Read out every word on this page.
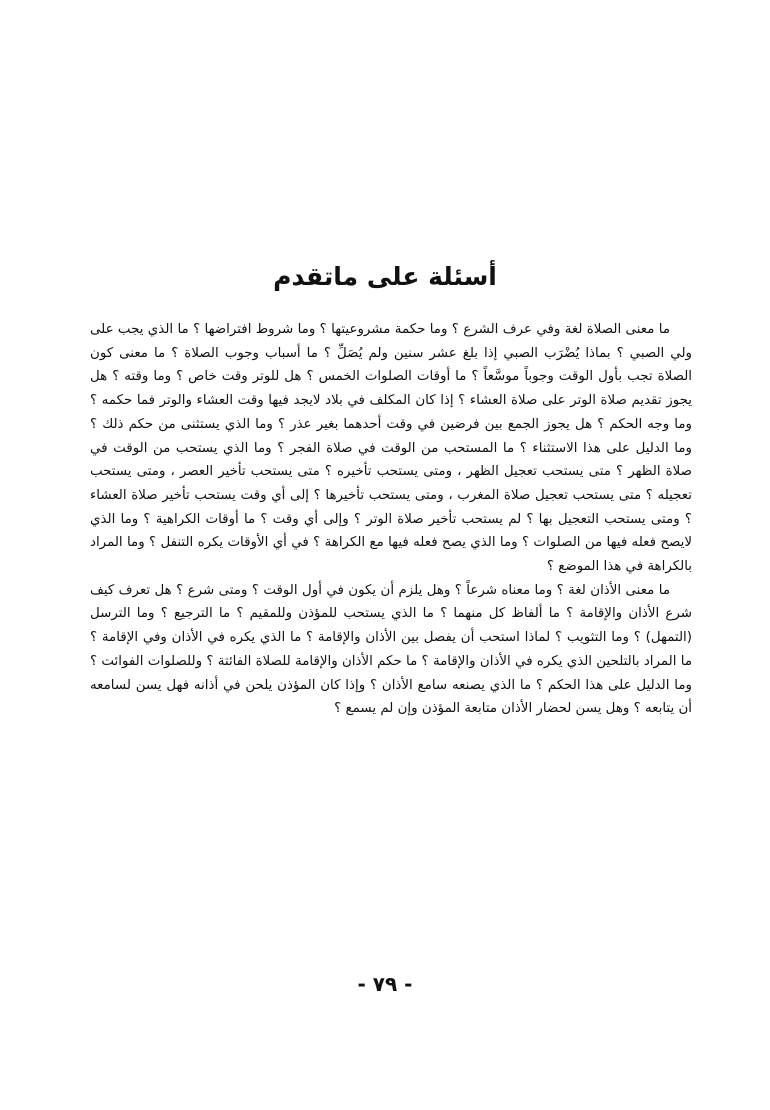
أسئلة على ماتقدم

ما معنى الصلاة لغة وفي عرف الشرع ؟ وما حكمة مشروعيتها ؟ وما شروط افتراضها ؟ ما الذي يجب على ولي الصبي ؟ بماذا يُضْرَب الصبي إذا بلغ عشر سنين ولم يُصَلِّ ؟ ما أسباب وجوب الصلاة ؟ ما معنى كون الصلاة تجب بأول الوقت وجوباً موسَّعاً ؟ ما أوقات الصلوات الخمس ؟ هل للوتر وقت خاص ؟ وما وقته ؟ هل يجوز تقديم صلاة الوتر على صلاة العشاء ؟ إذا كان المكلف في بلاد لايجد فيها وقت العشاء والوتر فما حكمه ؟ وما وجه الحكم ؟ هل يجوز الجمع بين فرضين في وقت أحدهما بغير عذر ؟ وما الذي يستثنى من حكم ذلك ؟ وما الدليل على هذا الاستثناء ؟ ما المستحب من الوقت في صلاة الفجر ؟ وما الذي يستحب من الوقت في صلاة الظهر ؟ متى يستحب تعجيل الظهر ، ومتى يستحب تأخيره ؟ متى يستحب تأخير العصر ، ومتى يستحب تعجيله ؟ متى يستحب تعجيل صلاة المغرب ، ومتى يستحب تأخيرها ؟ إلى أي وقت يستحب تأخير صلاة العشاء ؟ ومتى يستحب التعجيل بها ؟ لم يستحب تأخير صلاة الوتر ؟ وإلى أي وقت ؟ ما أوقات الكراهية ؟ وما الذي لايصح فعله فيها من الصلوات ؟ وما الذي يصح فعله فيها مع الكراهة ؟ في أي الأوقات يكره التنفل ؟ وما المراد بالكراهة في هذا الموضع ؟

ما معنى الأذان لغة ؟ وما معناه شرعاً ؟ وهل يلزم أن يكون في أول الوقت ؟ ومتى شرع ؟ هل تعرف كيف شرع الأذان والإقامة ؟ ما ألفاظ كل منهما ؟ ما الذي يستحب للمؤذن وللمقيم ؟ ما الترجيع ؟ وما الترسل (التمهل) ؟ وما التثويب ؟ لماذا استحب أن يفصل بين الأذان والإقامة ؟ ما الذي يكره في الأذان وفي الإقامة ؟ ما المراد بالتلحين الذي يكره في الأذان والإقامة ؟ ما حكم الأذان والإقامة للصلاة الفائتة ؟ وللصلوات الفوائت ؟ وما الدليل على هذا الحكم ؟ ما الذي يصنعه سامع الأذان ؟ وإذا كان المؤذن يلحن في أذانه فهل يسن لسامعه أن يتابعه ؟ وهل يسن لحضار الأذان متابعة المؤذن وإن لم يسمع ؟

- ٧٩ -
